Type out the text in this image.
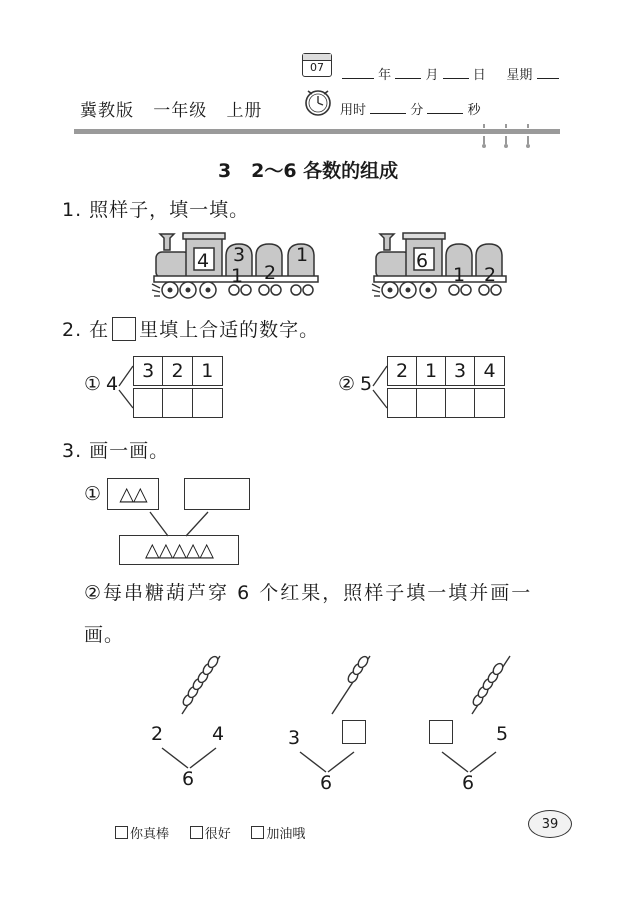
07
年	月	日 星期
冀教版 一年级 上册	用时	分	秒
3 2～6 各数的组成
1. 照样子，填一填。
4 3
1 2
1	6
1 2
2. 在 里填上合适的数字。
① 4
3 2 1
② 5
2 1 3 4
3. 画一画。
① △△
△△△△△
②每串糖葫芦穿 6 个红果，照样子填一填并画一
画。
2	4
6
3
6
5
6
你真棒	很好	加油哦
39
